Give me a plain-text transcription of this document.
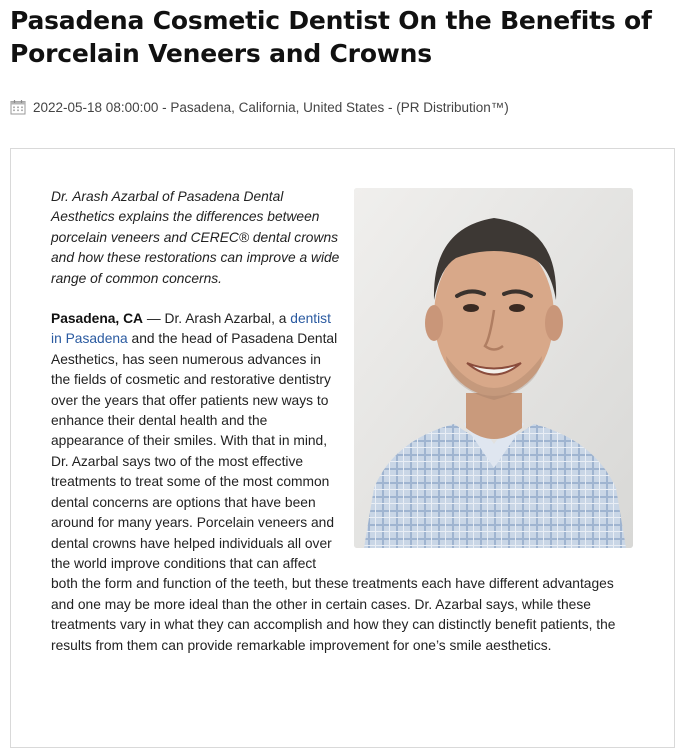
Pasadena Cosmetic Dentist On the Benefits of Porcelain Veneers and Crowns
2022-05-18 08:00:00 - Pasadena, California, United States - (PR Distribution™)

Dr. Arash Azarbal of Pasadena Dental Aesthetics explains the differences between porcelain veneers and CEREC® dental crowns and how these restorations can improve a wide range of common concerns.

Pasadena, CA — Dr. Arash Azarbal, a dentist in Pasadena and the head of Pasadena Dental Aesthetics, has seen numerous advances in the fields of cosmetic and restorative dentistry over the years that offer patients new ways to enhance their dental health and the appearance of their smiles. With that in mind, Dr. Azarbal says two of the most effective treatments to treat some of the most common dental concerns are options that have been around for many years. Porcelain veneers and dental crowns have helped individuals all over the world improve conditions that can affect both the form and function of the teeth, but these treatments each have different advantages and one may be more ideal than the other in certain cases. Dr. Azarbal says, while these treatments vary in what they can accomplish and how they can distinctly benefit patients, the results from them can provide remarkable improvement for one’s smile aesthetics.
